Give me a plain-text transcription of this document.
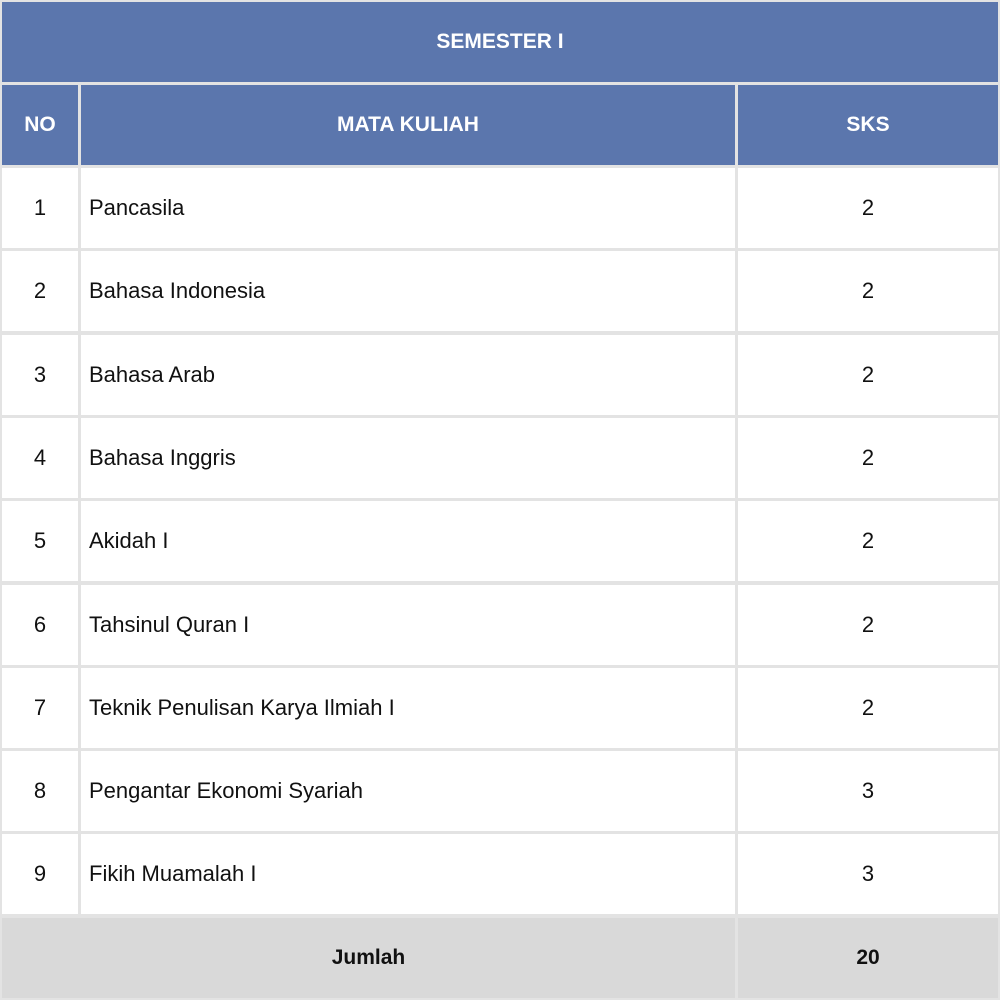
SEMESTER I
NO	MATA KULIAH	SKS
1	Pancasila	2
2	Bahasa Indonesia	2
3	Bahasa Arab	2
4	Bahasa Inggris	2
5	Akidah I	2
6	Tahsinul Quran I	2
7	Teknik Penulisan Karya Ilmiah I	2
8	Pengantar Ekonomi Syariah	3
9	Fikih Muamalah I	3
Jumlah	20
